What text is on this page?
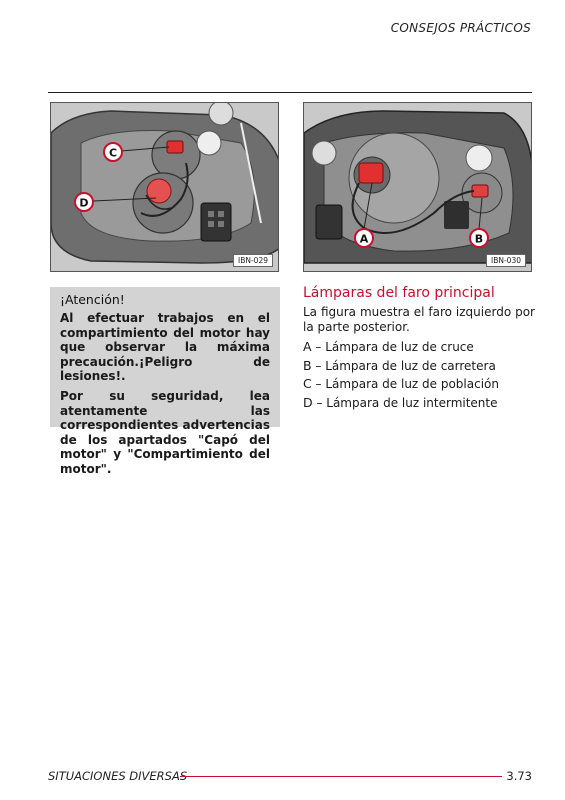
CONSEJOS PRÁCTICOS
C
D
IBN-029
A	B
IBN-030

¡Atención!

Al efectuar trabajos en el compartimiento del motor hay que observar la máxima precaución.¡Peligro de lesiones!.

Por su seguridad, lea atentamente las correspondientes advertencias de los apartados "Capó del motor" y "Compartimiento del motor".

Lámparas del faro principal

La figura muestra el faro izquierdo por la parte posterior.

A – Lámpara de luz de cruce
B – Lámpara de luz de carretera
C – Lámpara de luz de población
D – Lámpara de luz intermitente
SITUACIONES DIVERSAS	3.73
